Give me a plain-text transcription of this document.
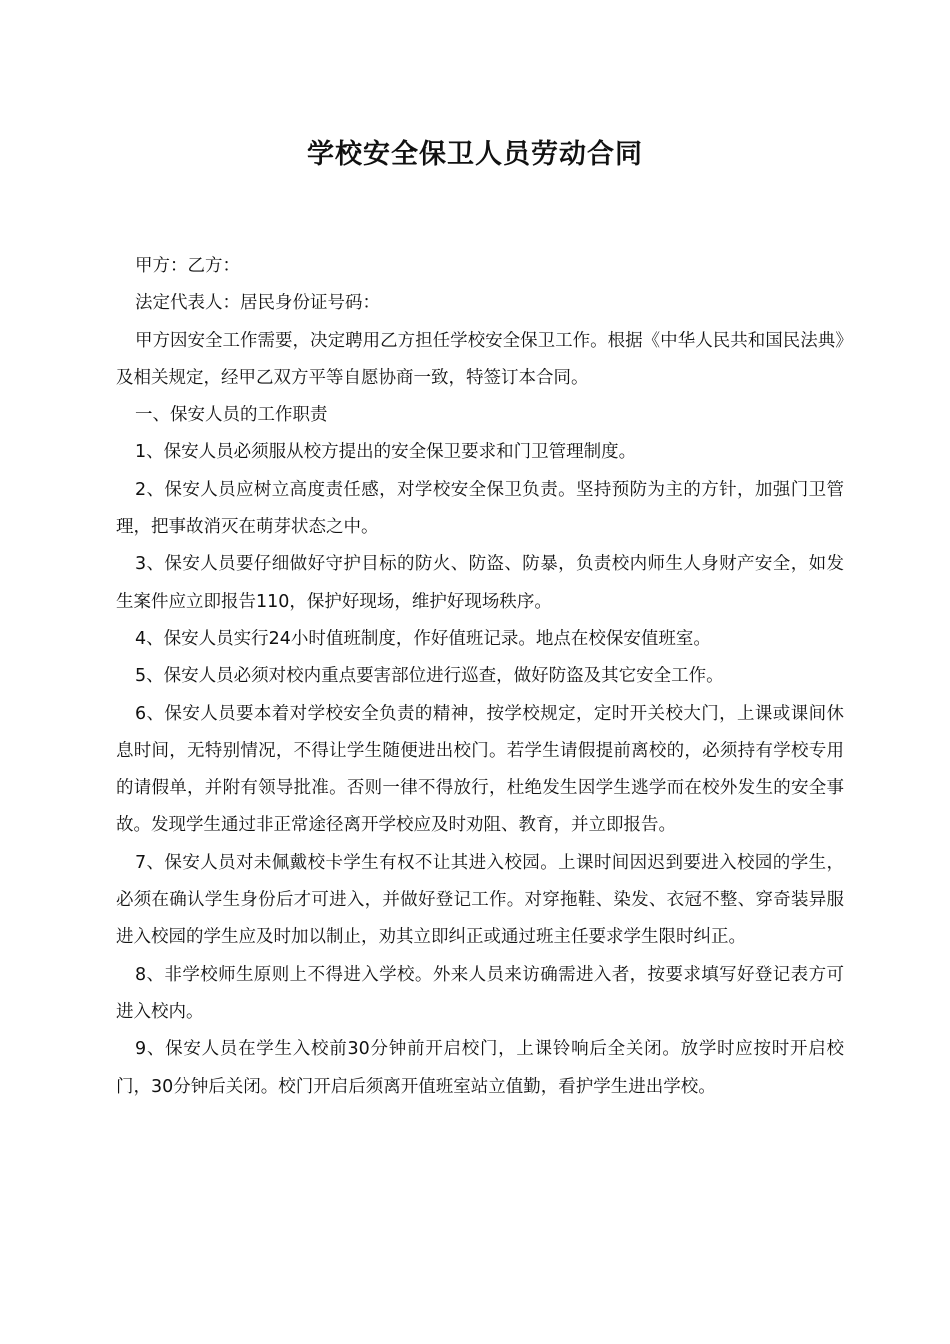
学校安全保卫人员劳动合同

甲方：乙方：

法定代表人：居民身份证号码：

甲方因安全工作需要，决定聘用乙方担任学校安全保卫工作。根据《中华人民共和国民法典》及相关规定，经甲乙双方平等自愿协商一致，特签订本合同。

一、保安人员的工作职责

1、保安人员必须服从校方提出的安全保卫要求和门卫管理制度。

2、保安人员应树立高度责任感，对学校安全保卫负责。坚持预防为主的方针，加强门卫管理，把事故消灭在萌芽状态之中。

3、保安人员要仔细做好守护目标的防火、防盗、防暴，负责校内师生人身财产安全，如发生案件应立即报告110，保护好现场，维护好现场秩序。

4、保安人员实行24小时值班制度，作好值班记录。地点在校保安值班室。

5、保安人员必须对校内重点要害部位进行巡查，做好防盗及其它安全工作。

6、保安人员要本着对学校安全负责的精神，按学校规定，定时开关校大门，上课或课间休息时间，无特别情况，不得让学生随便进出校门。若学生请假提前离校的，必须持有学校专用的请假单，并附有领导批准。否则一律不得放行，杜绝发生因学生逃学而在校外发生的安全事故。发现学生通过非正常途径离开学校应及时劝阻、教育，并立即报告。

7、保安人员对未佩戴校卡学生有权不让其进入校园。上课时间因迟到要进入校园的学生，必须在确认学生身份后才可进入，并做好登记工作。对穿拖鞋、染发、衣冠不整、穿奇装异服进入校园的学生应及时加以制止，劝其立即纠正或通过班主任要求学生限时纠正。

8、非学校师生原则上不得进入学校。外来人员来访确需进入者，按要求填写好登记表方可进入校内。

9、保安人员在学生入校前30分钟前开启校门，上课铃响后全关闭。放学时应按时开启校门，30分钟后关闭。校门开启后须离开值班室站立值勤，看护学生进出学校。
